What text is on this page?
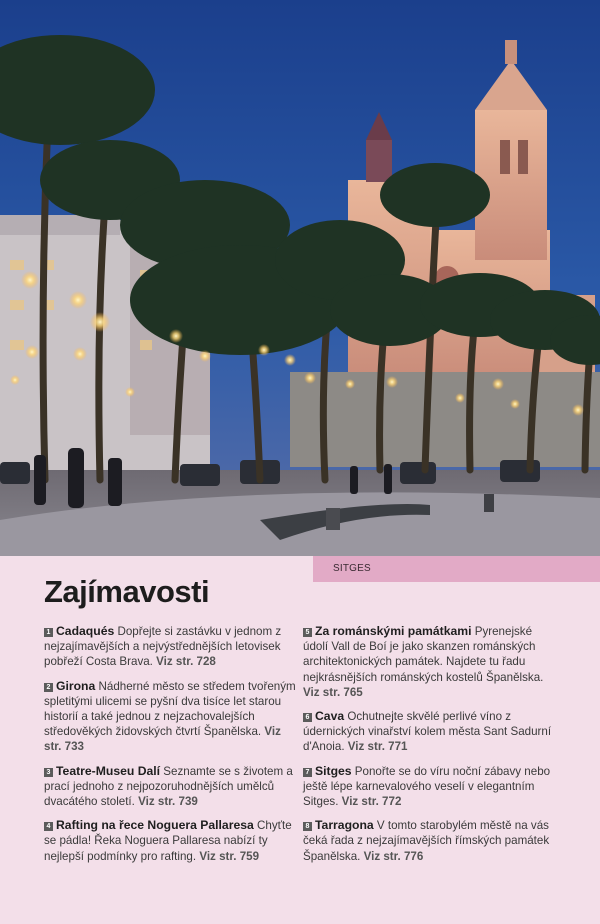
SITGES
Zajímavosti

1 Cadaqués Dopřejte si zastávku v jednom z nejzajímavějších a nejvýstřednějších letovisek pobřeží Costa Brava. Viz str. 728

2 Girona Nádherné město se středem tvořeným spletitými ulicemi se pyšní dva tisíce let starou historií a také jednou z nejzachovalejších středověkých židovských čtvrtí Španělska. Viz str. 733

3 Teatre-Museu Dalí Seznamte se s životem a prací jednoho z nejpozoruhodnějších umělců dvacátého století. Viz str. 739

4 Rafting na řece Noguera Pallaresa Chyťte se pádla! Řeka Noguera Pallaresa nabízí ty nejlepší podmínky pro rafting. Viz str. 759

5 Za románskými památkami Pyrenejské údolí Vall de Boí je jako skanzen románských architektonických památek. Najdete tu řadu nejkrásnějších románských kostelů Španělska. Viz str. 765

6 Cava Ochutnejte skvělé perlivé víno z údernických vinařství kolem města Sant Sadurní d'Anoia. Viz str. 771

7 Sitges Ponořte se do víru noční zábavy nebo ještě lépe karnevalového veselí v elegantním Sitges. Viz str. 772

8 Tarragona V tomto starobylém městě na vás čeká řada z nejzajímavějších římských památek Španělska. Viz str. 776
